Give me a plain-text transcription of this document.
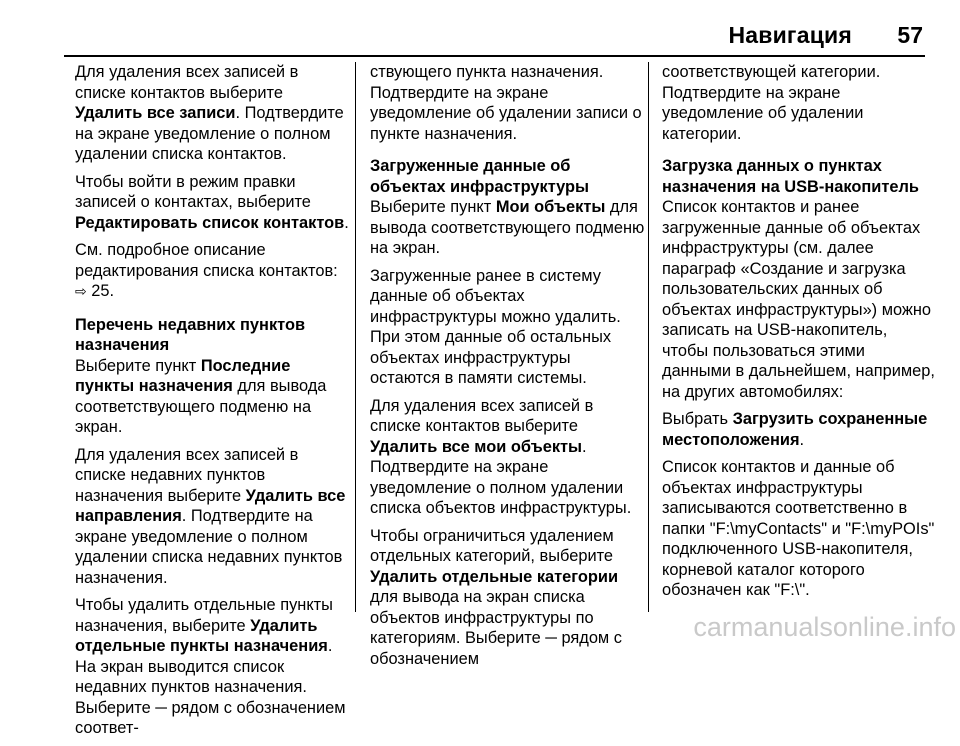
Навигация 57

Для удаления всех записей в списке контактов выберите Удалить все записи. Подтвердите на экране уведомление о полном удалении списка контактов.

Чтобы войти в режим правки записей о контактах, выберите Редактировать список контактов.

См. подробное описание редактирования списка контактов: ⇨ 25.

Перечень недавних пунктов назначения

Выберите пункт Последние пункты назначения для вывода соответствующего подменю на экран.

Для удаления всех записей в списке недавних пунктов назначения выберите Удалить все направления. Подтвердите на экране уведомление о полном удалении списка недавних пунктов назначения.

Чтобы удалить отдельные пункты назначения, выберите Удалить отдельные пункты назначения. На экран выводится список недавних пунктов назначения. Выберите ─ рядом с обозначением соответ-

ствующего пункта назначения. Подтвердите на экране уведомление об удалении записи о пункте назначения.

Загруженные данные об объектах инфраструктуры

Выберите пункт Мои объекты для вывода соответствующего подменю на экран.

Загруженные ранее в систему данные об объектах инфраструктуры можно удалить. При этом данные об остальных объектах инфраструктуры остаются в памяти системы.

Для удаления всех записей в списке контактов выберите Удалить все мои объекты. Подтвердите на экране уведомление о полном удалении списка объектов инфраструктуры.

Чтобы ограничиться удалением отдельных категорий, выберите Удалить отдельные категории для вывода на экран списка объектов инфраструктуры по категориям. Выберите ─ рядом с обозначением

соответствующей категории. Подтвердите на экране уведомление об удалении категории.

Загрузка данных о пунктах назначения на USB-накопитель

Список контактов и ранее загруженные данные об объектах инфраструктуры (см. далее параграф «Создание и загрузка пользовательских данных об объектах инфраструктуры») можно записать на USB-накопитель, чтобы пользоваться этими данными в дальнейшем, например, на других автомобилях:

Выбрать Загрузить сохраненные местоположения.

Список контактов и данные об объектах инфраструктуры записываются соответственно в папки "F:\myContacts" и "F:\myPOIs" подключенного USB-накопителя, корневой каталог которого обозначен как "F:\".

carmanualsonline.info
